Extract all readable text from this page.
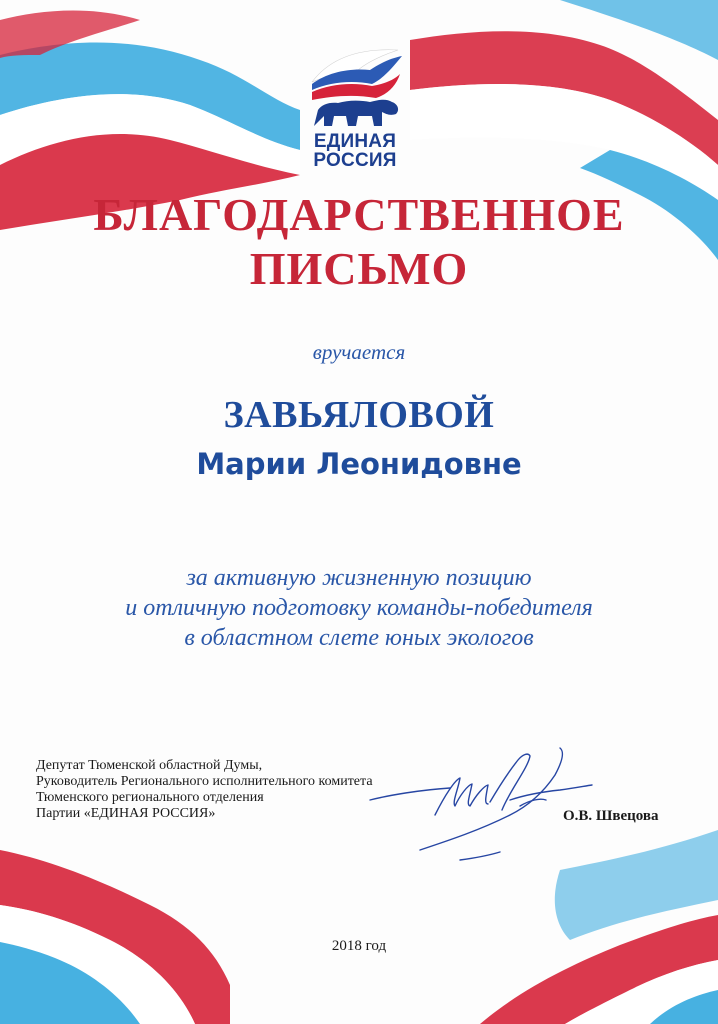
ЕДИНАЯ
РОССИЯ
БЛАГОДАРСТВЕННОЕ
ПИСЬМО
вручается
ЗАВЬЯЛОВОЙ
Марии Леонидовне
за активную жизненную позицию
и отличную подготовку команды-победителя
в областном слете юных экологов
Депутат Тюменской областной Думы,
Руководитель Регионального исполнительного комитета
Тюменского регионального отделения
Партии «ЕДИНАЯ РОССИЯ»	О.В. Швецова
2018 год
